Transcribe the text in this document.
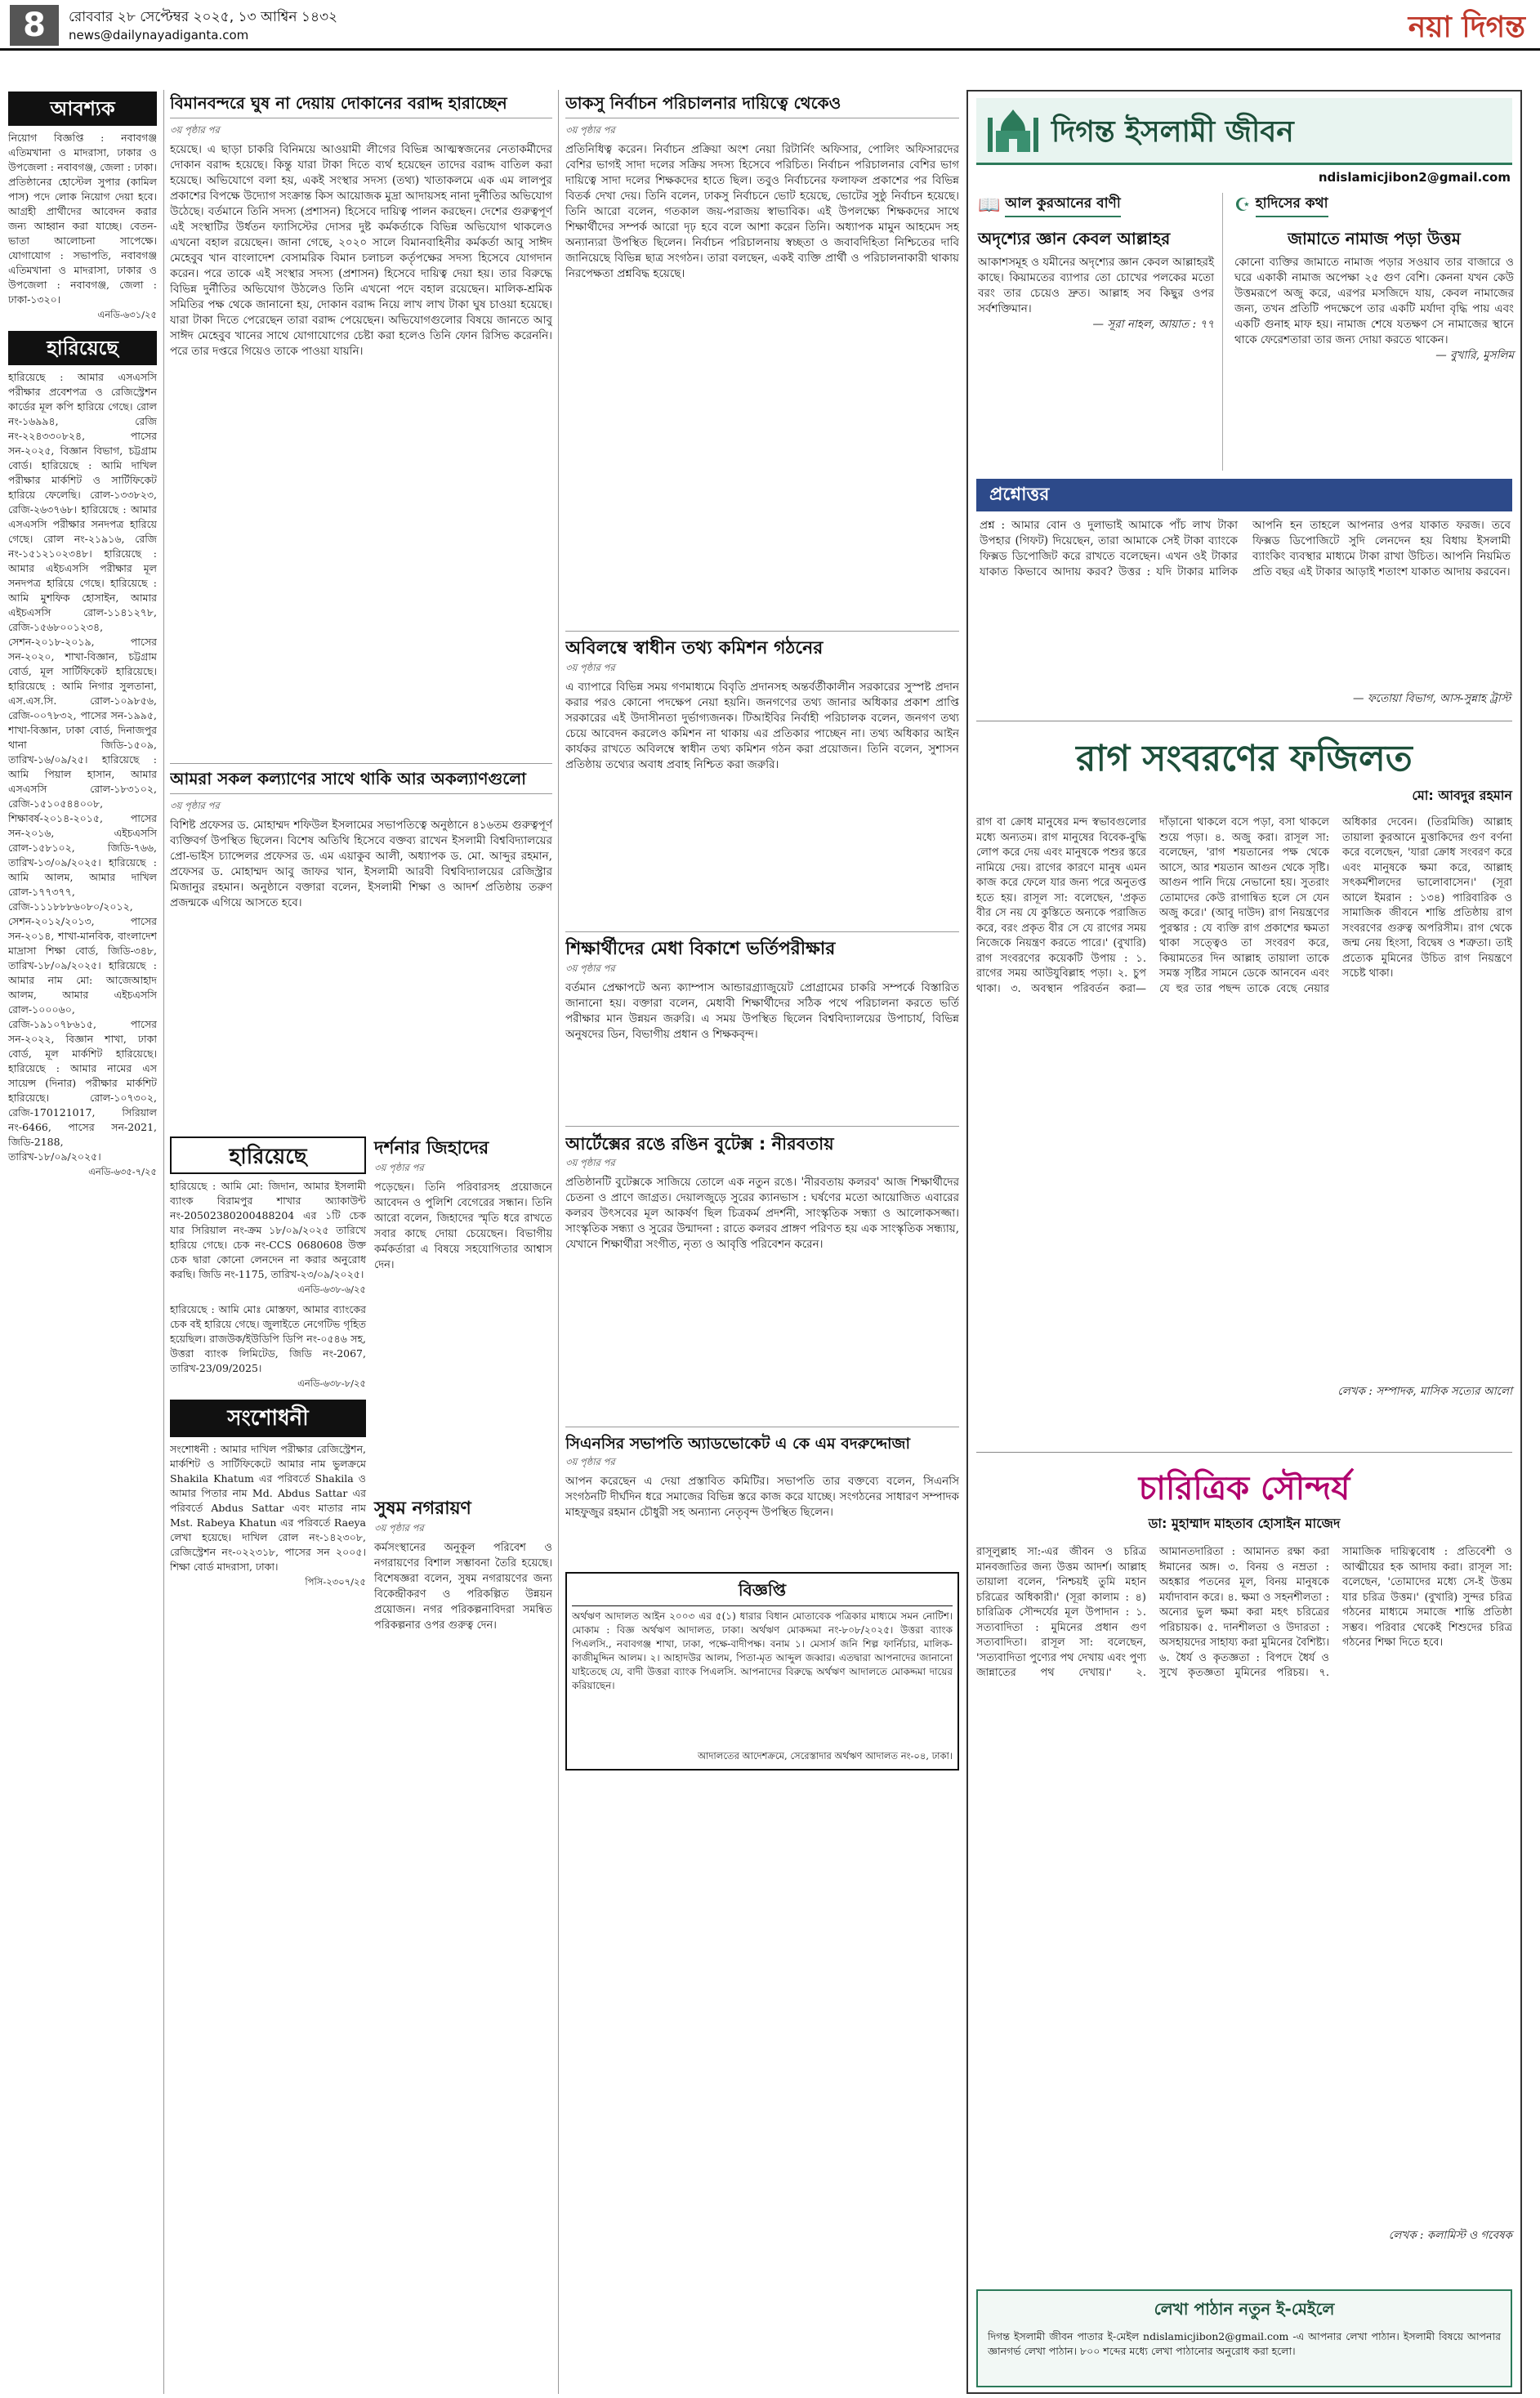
8	রোববার ২৮ সেপ্টেম্বর ২০২৫, ১৩ আশ্বিন ১৪৩২
news@dailynayadiganta.com	নয়া দিগন্ত
আবশ্যক
নিয়োগ বিজ্ঞপ্তি : নবাবগঞ্জ এতিমখানা ও মাদরাসা, ঢাকার ও উপজেলা : নবাবগঞ্জ, জেলা : ঢাকা। প্রতিষ্ঠানের হোস্টেল সুপার (কামিল পাস) পদে লোক নিয়োগ দেয়া হবে। আগ্রহী প্রার্থীদের আবেদন করার জন্য আহ্বান করা যাচ্ছে। বেতন-ভাতা আলোচনা সাপেক্ষে। যোগাযোগ : সভাপতি, নবাবগঞ্জ এতিমখানা ও মাদরাসা, ঢাকার ও উপজেলা : নবাবগঞ্জ, জেলা : ঢাকা-১৩২০।
এনডি-৬৩১/২৫
হারিয়েছে
হারিয়েছে : আমার এসএসসি পরীক্ষার প্রবেশপত্র ও রেজিস্ট্রেশন কার্ডের মূল কপি হারিয়ে গেছে। রোল নং-১৬৯৯৪, রেজি নং-২২৪৩৩০৮২৪, পাসের সন-২০২৫, বিজ্ঞান বিভাগ, চট্টগ্রাম বোর্ড। হারিয়েছে : আমি দাখিল পরীক্ষার মার্কশিট ও সার্টিফিকেট হারিয়ে ফেলেছি। রোল-১৩৩৮২৩, রেজি-২৬৩৭৬৮। হারিয়েছে : আমার এসএসসি পরীক্ষার সনদপত্র হারিয়ে গেছে। রোল নং-২১৯১৬, রেজি নং-১৫১২১০২৩৪৮। হারিয়েছে : আমার এইচএসসি পরীক্ষার মূল সনদপত্র হারিয়ে গেছে। হারিয়েছে : আমি মুশফিক হোসাইন, আমার এইচএসসি রোল-১১৪১২৭৮, রেজি-১৫৬৮০০১২৩৪, সেশন-২০১৮-২০১৯, পাসের সন-২০২০, শাখা-বিজ্ঞান, চট্টগ্রাম বোর্ড, মূল সার্টিফিকেট হারিয়েছে। হারিয়েছে : আমি নিগার সুলতানা, এস.এস.সি. রোল-১০৯৮৫৬, রেজি-০০৭৮৩২, পাসের সন-১৯৯৫, শাখা-বিজ্ঞান, ঢাকা বোর্ড, দিনাজপুর থানা জিডি-১৫০৯, তারিখ-১৬/০৯/২৫। হারিয়েছে : আমি পিয়াল হাসান, আমার এসএসসি রোল-১৮৩১০২, রেজি-১৫১০৫৪৪০০৮, শিক্ষাবর্ষ-২০১৪-২০১৫, পাসের সন-২০১৬, এইচএসসি রোল-১৫৮১০২, জিডি-৭৬৬, তারিখ-১৩/০৯/২০২৫। হারিয়েছে : আমি আলম, আমার দাখিল রোল-১৭৭৩৭৭, রেজি-১১১৮৮৮৬০৮০/২০১২, সেশন-২০১২/২০১৩, পাসের সন-২০১৪, শাখা-মানবিক, বাংলাদেশ মাদ্রাসা শিক্ষা বোর্ড, জিডি-৩৪৮, তারিখ-১৮/০৯/২০২৫। হারিয়েছে : আমার নাম মো: আজেআহাদ আলম, আমার এইচএসসি রোল-১০০০৬০, রেজি-১৯১০৭৮৬১৫, পাসের সন-২০২২, বিজ্ঞান শাখা, ঢাকা বোর্ড, মূল মার্কশিট হারিয়েছে। হারিয়েছে : আমার নামের এস সায়েন্স (দিনার) পরীক্ষার মার্কশিট হারিয়েছে। রোল-১০৭৩০২, রেজি-170121017, সিরিয়াল নং-6466, পাসের সন-2021, জিডি-2188, তারিখ-১৮/০৯/২০২৫।
এনডি-৬৩৫-৭/২৫
বিমানবন্দরে ঘুষ না দেয়ায় দোকানের বরাদ্দ হারাচ্ছেন
৩য় পৃষ্ঠার পর
হয়েছে। এ ছাড়া চাকরি বিনিময়ে আওয়ামী লীগের বিভিন্ন আত্মস্বজনের নেতাকর্মীদের দোকান বরাদ্দ হয়েছে। কিন্তু যারা টাকা দিতে ব্যর্থ হয়েছেন তাদের বরাদ্দ বাতিল করা হয়েছে। অভিযোগে বলা হয়, একই সংস্থার সদস্য (তথ্য) খাতাকলমে এক এম লালপুর প্রকাশের বিপক্ষে উদ্যোগ সংক্রান্ত কিস আয়োজক মুদ্রা আদায়সহ নানা দুর্নীতির অভিযোগ উঠেছে। বর্তমানে তিনি সদস্য (প্রশাসন) হিসেবে দায়িত্ব পালন করছেন। দেশের গুরুত্বপূর্ণ এই সংস্থাটির উর্ধতন ফ্যাসিস্টের দোসর দুষ্ট কর্মকর্তাকে বিভিন্ন অভিযোগ থাকলেও এখনো বহাল রয়েছেন। জানা গেছে, ২০২০ সালে বিমানবাহিনীর কর্মকর্তা আবু সাঈদ মেহেবুব খান বাংলাদেশ বেসামরিক বিমান চলাচল কর্তৃপক্ষের সদস্য হিসেবে যোগদান করেন। পরে তাকে এই সংস্থার সদস্য (প্রশাসন) হিসেবে দায়িত্ব দেয়া হয়। তার বিরুদ্ধে বিভিন্ন দুর্নীতির অভিযোগ উঠলেও তিনি এখনো পদে বহাল রয়েছেন। মালিক-শ্রমিক সমিতির পক্ষ থেকে জানানো হয়, দোকান বরাদ্দ নিয়ে লাখ লাখ টাকা ঘুষ চাওয়া হয়েছে। যারা টাকা দিতে পেরেছেন তারা বরাদ্দ পেয়েছেন। অভিযোগগুলোর বিষয়ে জানতে আবু সাঈদ মেহেবুব খানের সাথে যোগাযোগের চেষ্টা করা হলেও তিনি ফোন রিসিভ করেননি। পরে তার দপ্তরে গিয়েও তাকে পাওয়া যায়নি।
আমরা সকল কল্যাণের সাথে থাকি আর অকল্যাণগুলো
৩য় পৃষ্ঠার পর
বিশিষ্ট প্রফেসর ড. মোহাম্মদ শফিউল ইসলামের সভাপতিত্বে অনুষ্ঠানে ৪১৬তম গুরুত্বপূর্ণ ব্যক্তিবর্গ উপস্থিত ছিলেন। বিশেষ অতিথি হিসেবে বক্তব্য রাখেন ইসলামী বিশ্ববিদ্যালয়ের প্রো-ভাইস চ্যান্সেলর প্রফেসর ড. এম এয়াকুব আলী, অধ্যাপক ড. মো. আব্দুর রহমান, প্রফেসর ড. মোহাম্মদ আবু জাফর খান, ইসলামী আরবী বিশ্ববিদ্যালয়ের রেজিস্ট্রার মিজানুর রহমান। অনুষ্ঠানে বক্তারা বলেন, ইসলামী শিক্ষা ও আদর্শ প্রতিষ্ঠায় তরুণ প্রজন্মকে এগিয়ে আসতে হবে।
হারিয়েছে
হারিয়েছে : আমি মো: জিদান, আমার ইসলামী ব্যাংক বিরামপুর শাখার অ্যাকাউন্ট নং-20502380200488204 এর ১টি চেক যার সিরিয়াল নং-ক্রম ১৮/০৯/২০২৫ তারিখে হারিয়ে গেছে। চেক নং-CCS 0680608 উক্ত চেক দ্বারা কোনো লেনদেন না করার অনুরোধ করছি। জিডি নং-1175, তারিখ-২৩/০৯/২০২৫।
এনডি-৬৩৮-৬/২৫
হারিয়েছে : আমি মোঃ মোস্তফা, আমার ব্যাংকের চেক বই হারিয়ে গেছে। জুলাইতে নেগেটিভ গৃহিত হয়েছিল। রাজউক/ইউডিপি ডিপি নং-০৫৪৬ সহ, উত্তরা ব্যাংক লিমিটেড, জিডি নং-2067, তারিখ-23/09/2025।
এনডি-৬৩৮-৮/২৫
সংশোধনী
সংশোধনী : আমার দাখিল পরীক্ষার রেজিস্ট্রেশন, মার্কশিট ও সার্টিফিকেটে আমার নাম ভুলক্রমে Shakila Khatum এর পরিবর্তে Shakila ও আমার পিতার নাম Md. Abdus Sattar এর পরিবর্তে Abdus Sattar এবং মাতার নাম Mst. Rabeya Khatun এর পরিবর্তে Raeya লেখা হয়েছে। দাখিল রোল নং-১৪২৩০৮, রেজিস্ট্রেশন নং-০২২৩১৮, পাসের সন ২০০৫। শিক্ষা বোর্ড মাদরাসা, ঢাকা।
পিসি-২৩০৭/২৫
দর্শনার জিহাদের
৩য় পৃষ্ঠার পর
পড়েছেন। তিনি পরিবারসহ প্রয়োজনে আবেদন ও পুলিশি বেগেরের সন্ধান। তিনি আরো বলেন, জিহাদের স্মৃতি ধরে রাখতে সবার কাছে দোয়া চেয়েছেন। বিভাগীয় কর্মকর্তারা এ বিষয়ে সহযোগিতার আশ্বাস দেন।
সুষম নগরায়ণ
৩য় পৃষ্ঠার পর
কর্মসংস্থানের অনুকূল পরিবেশ ও নগরায়ণের বিশাল সম্ভাবনা তৈরি হয়েছে। বিশেষজ্ঞরা বলেন, সুষম নগরায়ণের জন্য বিকেন্দ্রীকরণ ও পরিকল্পিত উন্নয়ন প্রয়োজন। নগর পরিকল্পনাবিদরা সমন্বিত পরিকল্পনার ওপর গুরুত্ব দেন।
ডাকসু নির্বাচন পরিচালনার দায়িত্বে থেকেও
৩য় পৃষ্ঠার পর
প্রতিনিধিত্ব করেন। নির্বাচন প্রক্রিয়া অংশ নেয়া রিটার্নিং অফিসার, পোলিং অফিসারদের বেশির ভাগই সাদা দলের সক্রিয় সদস্য হিসেবে পরিচিত। নির্বাচন পরিচালনার বেশির ভাগ দায়িত্বে সাদা দলের শিক্ষকদের হাতে ছিল। তবুও নির্বাচনের ফলাফল প্রকাশের পর বিভিন্ন বিতর্ক দেখা দেয়। তিনি বলেন, ঢাকসু নির্বাচনে ভোট হয়েছে, ভোটের সুষ্ঠু নির্বাচন হয়েছে। তিনি আরো বলেন, গতকাল জয়-পরাজয় স্বাভাবিক। এই উপলক্ষ্যে শিক্ষকদের সাথে শিক্ষার্থীদের সম্পর্ক আরো দৃঢ় হবে বলে আশা করেন তিনি। অধ্যাপক মামুন আহমেদ সহ অন্যান্যরা উপস্থিত ছিলেন। নির্বাচন পরিচালনায় স্বচ্ছতা ও জবাবদিহিতা নিশ্চিতের দাবি জানিয়েছে বিভিন্ন ছাত্র সংগঠন। তারা বলছেন, একই ব্যক্তি প্রার্থী ও পরিচালনাকারী থাকায় নিরপেক্ষতা প্রশ্নবিদ্ধ হয়েছে।
অবিলম্বে স্বাধীন তথ্য কমিশন গঠনের
৩য় পৃষ্ঠার পর
এ ব্যাপারে বিভিন্ন সময় গণমাধ্যমে বিবৃতি প্রদানসহ অন্তর্বর্তীকালীন সরকারের সুস্পষ্ট প্রদান করার পরও কোনো পদক্ষেপ নেয়া হয়নি। জনগণের তথ্য জানার অধিকার প্রকাশ প্রাপ্তি সরকারের এই উদাসীনতা দুর্ভাগ্যজনক। টিআইবির নির্বাহী পরিচালক বলেন, জনগণ তথ্য চেয়ে আবেদন করলেও কমিশন না থাকায় এর প্রতিকার পাচ্ছেন না। তথ্য অধিকার আইন কার্যকর রাখতে অবিলম্বে স্বাধীন তথ্য কমিশন গঠন করা প্রয়োজন। তিনি বলেন, সুশাসন প্রতিষ্ঠায় তথ্যের অবাধ প্রবাহ নিশ্চিত করা জরুরি।
শিক্ষার্থীদের মেধা বিকাশে ভর্তিপরীক্ষার
৩য় পৃষ্ঠার পর
বর্তমান প্রেক্ষাপটে অন্য ক্যাম্পাস আন্ডারগ্র্যাজুয়েট প্রোগ্রামের চাকরি সম্পর্কে বিস্তারিত জানানো হয়। বক্তারা বলেন, মেধাবী শিক্ষার্থীদের সঠিক পথে পরিচালনা করতে ভর্তি পরীক্ষার মান উন্নয়ন জরুরি। এ সময় উপস্থিত ছিলেন বিশ্ববিদ্যালয়ের উপাচার্য, বিভিন্ন অনুষদের ডিন, বিভাগীয় প্রধান ও শিক্ষকবৃন্দ।
আর্টেক্সের রঙে রঙিন বুটেক্স : নীরবতায়
৩য় পৃষ্ঠার পর
প্রতিষ্ঠানটি বুটেক্সকে সাজিয়ে তোলে এক নতুন রঙে। 'নীরবতায় কলরব' আজ শিক্ষার্থীদের চেতনা ও প্রাণে জাগ্রত। দেয়ালজুড়ে সুরের ক্যানভাস : ঘর্ষণের মতো আয়োজিত এবারের কলরব উৎসবের মূল আকর্ষণ ছিল চিত্রকর্ম প্রদর্শনী, সাংস্কৃতিক সন্ধ্যা ও আলোকসজ্জা। সাংস্কৃতিক সন্ধ্যা ও সুরের উন্মাদনা : রাতে কলরব প্রাঙ্গণ পরিণত হয় এক সাংস্কৃতিক সন্ধ্যায়, যেখানে শিক্ষার্থীরা সংগীত, নৃত্য ও আবৃত্তি পরিবেশন করেন।
সিএনসির সভাপতি অ্যাডভোকেট এ কে এম বদরুদ্দোজা
৩য় পৃষ্ঠার পর
আপন করেছেন এ দেয়া প্রস্তাবিত কমিটির। সভাপতি তার বক্তব্যে বলেন, সিএনসি সংগঠনটি দীর্ঘদিন ধরে সমাজের বিভিন্ন স্তরে কাজ করে যাচ্ছে। সংগঠনের সাধারণ সম্পাদক মাহফুজুর রহমান চৌধুরী সহ অন্যান্য নেতৃবৃন্দ উপস্থিত ছিলেন।
বিজ্ঞপ্তি
অর্থঋণ আদালত আইন ২০০৩ এর ৫(১) ধারার বিধান মোতাবেক পত্রিকার মাধ্যমে সমন নোটিশ। মোকাম : বিজ্ঞ অর্থঋণ আদালত, ঢাকা। অর্থঋণ মোকদ্দমা নং-৮০৮/২০২৫। উত্তরা ব্যাংক পিএলসি., নবাবগঞ্জ শাখা, ঢাকা, পক্ষে-বাদীপক্ষ। বনাম ১। মেসার্স জনি শিল্প ফার্নিচার, মালিক-কাজীমুদ্দিন আলম। ২। আহাদউর আলম, পিতা-মৃত আব্দুল জব্বার। এতদ্বারা আপনাদের জানানো যাইতেছে যে, বাদী উত্তরা ব্যাংক পিএলসি. আপনাদের বিরুদ্ধে অর্থঋণ আদালতে মোকদ্দমা দায়ের করিয়াছেন।
আদালতের আদেশক্রমে, সেরেস্তাদার অর্থঋণ আদালত নং-০৪, ঢাকা।
দিগন্ত ইসলামী জীবন
ndislamicjibon2@gmail.com
📖 আল কুরআনের বাণী
অদৃশ্যের জ্ঞান কেবল আল্লাহর
আকাশসমূহ ও যমীনের অদৃশ্যের জ্ঞান কেবল আল্লাহরই কাছে। কিয়ামতের ব্যাপার তো চোখের পলকের মতো বরং তার চেয়েও দ্রুত। আল্লাহ সব কিছুর ওপর সর্বশক্তিমান।
— সূরা নাহল, আয়াত : ৭৭
☪ হাদিসের কথা
জামাতে নামাজ পড়া উত্তম
কোনো ব্যক্তির জামাতে নামাজ পড়ার সওয়াব তার বাজারে ও ঘরে একাকী নামাজ অপেক্ষা ২৫ গুণ বেশি। কেননা যখন কেউ উত্তমরূপে অজু করে, এরপর মসজিদে যায়, কেবল নামাজের জন্য, তখন প্রতিটি পদক্ষেপে তার একটি মর্যাদা বৃদ্ধি পায় এবং একটি গুনাহ মাফ হয়। নামাজ শেষে যতক্ষণ সে নামাজের স্থানে থাকে ফেরেশতারা তার জন্য দোয়া করতে থাকেন।
— বুখারি, মুসলিম
প্রশ্নোত্তর
প্রশ্ন : আমার বোন ও দুলাভাই আমাকে পাঁচ লাখ টাকা উপহার (গিফট) দিয়েছেন, তারা আমাকে সেই টাকা ব্যাংকে ফিক্সড ডিপোজিট করে রাখতে বলেছেন। এখন ওই টাকার যাকাত কিভাবে আদায় করব? উত্তর : যদি টাকার মালিক আপনি হন তাহলে আপনার ওপর যাকাত ফরজ। তবে ফিক্সড ডিপোজিটে সুদি লেনদেন হয় বিধায় ইসলামী ব্যাংকিং ব্যবস্থার মাধ্যমে টাকা রাখা উচিত। আপনি নিয়মিত প্রতি বছর এই টাকার আড়াই শতাংশ যাকাত আদায় করবেন।
— ফতোয়া বিভাগ, আস-সুন্নাহ ট্রাস্ট
রাগ সংবরণের ফজিলত
মো: আবদুর রহমান
রাগ বা ক্রোধ মানুষের মন্দ স্বভাবগুলোর মধ্যে অন্যতম। রাগ মানুষের বিবেক-বুদ্ধি লোপ করে দেয় এবং মানুষকে পশুর স্তরে নামিয়ে দেয়। রাগের কারণে মানুষ এমন কাজ করে ফেলে যার জন্য পরে অনুতপ্ত হতে হয়। রাসূল সা: বলেছেন, 'প্রকৃত বীর সে নয় যে কুস্তিতে অন্যকে পরাজিত করে, বরং প্রকৃত বীর সে যে রাগের সময় নিজেকে নিয়ন্ত্রণ করতে পারে।' (বুখারি) রাগ সংবরণের কয়েকটি উপায় : ১. রাগের সময় আউযুবিল্লাহ পড়া। ২. চুপ থাকা। ৩. অবস্থান পরিবর্তন করা—দাঁড়ানো থাকলে বসে পড়া, বসা থাকলে শুয়ে পড়া। ৪. অজু করা। রাসূল সা: বলেছেন, 'রাগ শয়তানের পক্ষ থেকে আসে, আর শয়তান আগুন থেকে সৃষ্টি। আগুন পানি দিয়ে নেভানো হয়। সুতরাং তোমাদের কেউ রাগান্বিত হলে সে যেন অজু করে।' (আবু দাউদ) রাগ নিয়ন্ত্রণের পুরস্কার : যে ব্যক্তি রাগ প্রকাশের ক্ষমতা থাকা সত্ত্বেও তা সংবরণ করে, কিয়ামতের দিন আল্লাহ তায়ালা তাকে সমস্ত সৃষ্টির সামনে ডেকে আনবেন এবং যে হুর তার পছন্দ তাকে বেছে নেয়ার অধিকার দেবেন। (তিরমিজি) আল্লাহ তায়ালা কুরআনে মুত্তাকিদের গুণ বর্ণনা করে বলেছেন, 'যারা ক্রোধ সংবরণ করে এবং মানুষকে ক্ষমা করে, আল্লাহ সৎকর্মশীলদের ভালোবাসেন।' (সূরা আলে ইমরান : ১৩৪) পারিবারিক ও সামাজিক জীবনে শান্তি প্রতিষ্ঠায় রাগ সংবরণের গুরুত্ব অপরিসীম। রাগ থেকে জন্ম নেয় হিংসা, বিদ্বেষ ও শত্রুতা। তাই প্রত্যেক মুমিনের উচিত রাগ নিয়ন্ত্রণে সচেষ্ট থাকা।
লেখক : সম্পাদক, মাসিক সত্যের আলো
চারিত্রিক সৌন্দর্য
ডা: মুহাম্মাদ মাহতাব হোসাইন মাজেদ
রাসূলুল্লাহ সা:-এর জীবন ও চরিত্র মানবজাতির জন্য উত্তম আদর্শ। আল্লাহ তায়ালা বলেন, 'নিশ্চয়ই তুমি মহান চরিত্রের অধিকারী।' (সূরা কালাম : ৪) চারিত্রিক সৌন্দর্যের মূল উপাদান : ১. সত্যবাদিতা : মুমিনের প্রধান গুণ সত্যবাদিতা। রাসূল সা: বলেছেন, 'সত্যবাদিতা পুণ্যের পথ দেখায় এবং পুণ্য জান্নাতের পথ দেখায়।' ২. আমানতদারিতা : আমানত রক্ষা করা ঈমানের অঙ্গ। ৩. বিনয় ও নম্রতা : অহঙ্কার পতনের মূল, বিনয় মানুষকে মর্যাদাবান করে। ৪. ক্ষমা ও সহনশীলতা : অন্যের ভুল ক্ষমা করা মহৎ চরিত্রের পরিচায়ক। ৫. দানশীলতা ও উদারতা : অসহায়দের সাহায্য করা মুমিনের বৈশিষ্ট্য। ৬. ধৈর্য ও কৃতজ্ঞতা : বিপদে ধৈর্য ও সুখে কৃতজ্ঞতা মুমিনের পরিচয়। ৭. সামাজিক দায়িত্ববোধ : প্রতিবেশী ও আত্মীয়ের হক আদায় করা। রাসূল সা: বলেছেন, 'তোমাদের মধ্যে সে-ই উত্তম যার চরিত্র উত্তম।' (বুখারি) সুন্দর চরিত্র গঠনের মাধ্যমে সমাজে শান্তি প্রতিষ্ঠা সম্ভব। পরিবার থেকেই শিশুদের চরিত্র গঠনের শিক্ষা দিতে হবে।
লেখক : কলামিস্ট ও গবেষক
লেখা পাঠান নতুন ই-মেইলে
দিগন্ত ইসলামী জীবন পাতার ই-মেইল ndislamicjibon2@gmail.com -এ আপনার লেখা পাঠান। ইসলামী বিষয়ে আপনার জ্ঞানগর্ভ লেখা পাঠান। ৮০০ শব্দের মধ্যে লেখা পাঠানোর অনুরোধ করা হলো।
